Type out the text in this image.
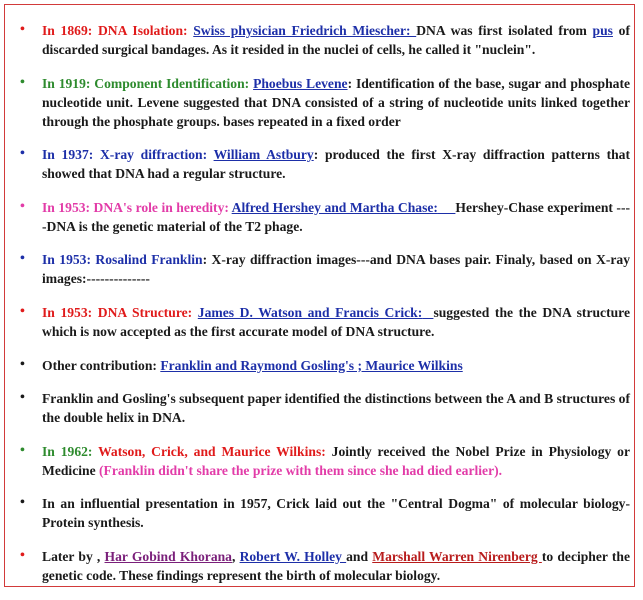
• In 1869: DNA Isolation: Swiss physician Friedrich Miescher: DNA was first isolated from pus of discarded surgical bandages. As it resided in the nuclei of cells, he called it "nuclein".
• In 1919: Component Identification: Phoebus Levene: Identification of the base, sugar and phosphate nucleotide unit. Levene suggested that DNA consisted of a string of nucleotide units linked together through the phosphate groups. bases repeated in a fixed order
• In 1937: X-ray diffraction: William Astbury: produced the first X-ray diffraction patterns that showed that DNA had a regular structure.
• In 1953: DNA's role in heredity: Alfred Hershey and Martha Chase: Hershey-Chase experiment ----DNA is the genetic material of the T2 phage.
• In 1953: Rosalind Franklin: X-ray diffraction images---and DNA bases pair. Finaly, based on X-ray images:--------------
• In 1953: DNA Structure: James D. Watson and Francis Crick: suggested the the DNA structure which is now accepted as the first accurate model of DNA structure.
• Other contribution: Franklin and Raymond Gosling's ; Maurice Wilkins
• Franklin and Gosling's subsequent paper identified the distinctions between the A and B structures of the double helix in DNA.
• In 1962: Watson, Crick, and Maurice Wilkins: Jointly received the Nobel Prize in Physiology or Medicine (Franklin didn't share the prize with them since she had died earlier).
• In an influential presentation in 1957, Crick laid out the "Central Dogma" of molecular biology-Protein synthesis.
• Later by , Har Gobind Khorana, Robert W. Holley and Marshall Warren Nirenberg to decipher the genetic code. These findings represent the birth of molecular biology.
